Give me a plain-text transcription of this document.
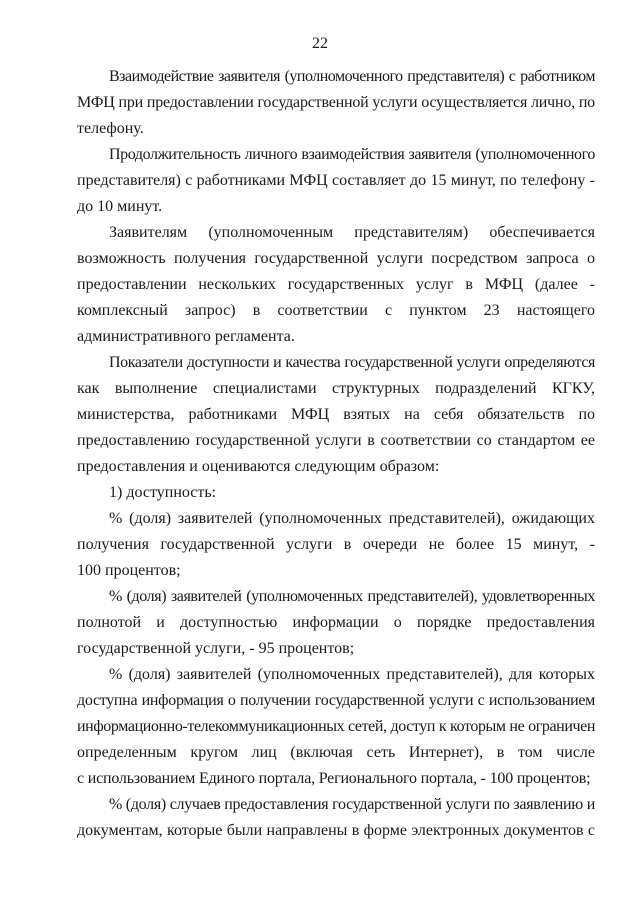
22

Взаимодействие заявителя (уполномоченного представителя) с работником
МФЦ при предоставлении государственной услуги осуществляется лично, по
телефону.

Продолжительность личного взаимодействия заявителя (уполномоченного
представителя) с работниками МФЦ составляет до 15 минут, по телефону -
до 10 минут.

Заявителям (уполномоченным представителям) обеспечивается
возможность получения государственной услуги посредством запроса о
предоставлении нескольких государственных услуг в МФЦ (далее -
комплексный запрос) в соответствии с пунктом 23 настоящего
административного регламента.

Показатели доступности и качества государственной услуги определяются
как выполнение специалистами структурных подразделений КГКУ,
министерства, работниками МФЦ взятых на себя обязательств по
предоставлению государственной услуги в соответствии со стандартом ее
предоставления и оцениваются следующим образом:

1) доступность:

% (доля) заявителей (уполномоченных представителей), ожидающих
получения государственной услуги в очереди не более 15 минут, -
100 процентов;

% (доля) заявителей (уполномоченных представителей), удовлетворенных
полнотой и доступностью информации о порядке предоставления
государственной услуги, - 95 процентов;

% (доля) заявителей (уполномоченных представителей), для которых
доступна информация о получении государственной услуги с использованием
информационно-телекоммуникационных сетей, доступ к которым не ограничен
определенным кругом лиц (включая сеть Интернет), в том числе
с использованием Единого портала, Регионального портала, - 100 процентов;

% (доля) случаев предоставления государственной услуги по заявлению и
документам, которые были направлены в форме электронных документов с
